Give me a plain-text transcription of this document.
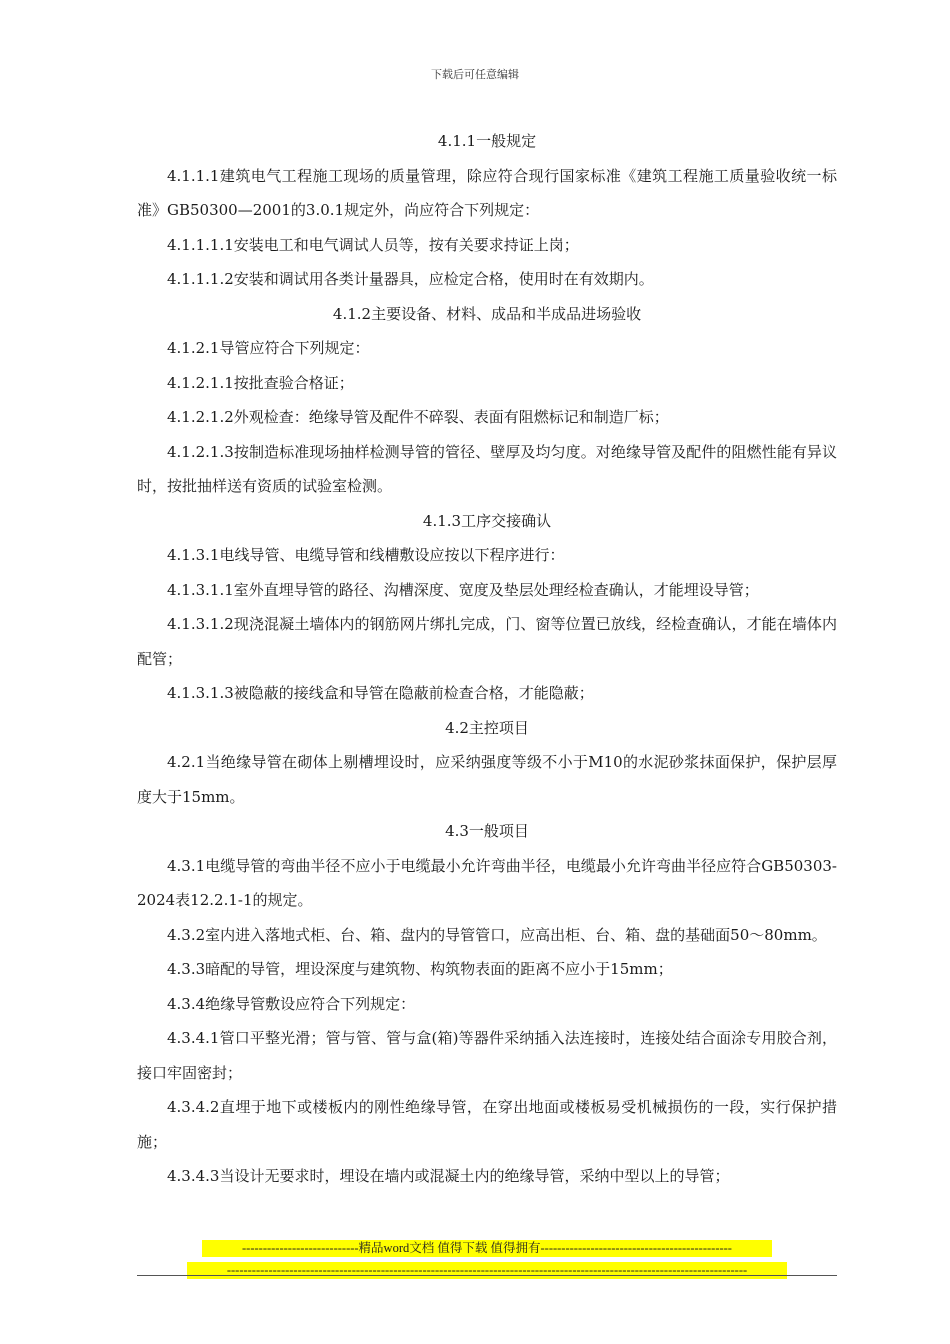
下载后可任意编辑

4.1.1一般规定

4.1.1.1建筑电气工程施工现场的质量管理，除应符合现行国家标准《建筑工程施工质量验收统一标准》GB50300—2001的3.0.1规定外，尚应符合下列规定：

4.1.1.1.1安装电工和电气调试人员等，按有关要求持证上岗；

4.1.1.1.2安装和调试用各类计量器具，应检定合格，使用时在有效期内。

4.1.2主要设备、材料、成品和半成品进场验收

4.1.2.1导管应符合下列规定：

4.1.2.1.1按批查验合格证；

4.1.2.1.2外观检查：绝缘导管及配件不碎裂、表面有阻燃标记和制造厂标；

4.1.2.1.3按制造标准现场抽样检测导管的管径、壁厚及均匀度。对绝缘导管及配件的阻燃性能有异议时，按批抽样送有资质的试验室检测。

4.1.3工序交接确认

4.1.3.1电线导管、电缆导管和线槽敷设应按以下程序进行：

4.1.3.1.1室外直埋导管的路径、沟槽深度、宽度及垫层处理经检查确认，才能埋设导管；

4.1.3.1.2现浇混凝土墙体内的钢筋网片绑扎完成，门、窗等位置已放线，经检查确认，才能在墙体内配管；

4.1.3.1.3被隐蔽的接线盒和导管在隐蔽前检查合格，才能隐蔽；

4.2主控项目

4.2.1当绝缘导管在砌体上剔槽埋设时，应采纳强度等级不小于M10的水泥砂浆抹面保护，保护层厚度大于15mm。

4.3一般项目

4.3.1电缆导管的弯曲半径不应小于电缆最小允许弯曲半径，电缆最小允许弯曲半径应符合GB50303-2024表12.2.1-1的规定。

4.3.2室内进入落地式柜、台、箱、盘内的导管管口，应高出柜、台、箱、盘的基础面50～80mm。

4.3.3暗配的导管，埋设深度与建筑物、构筑物表面的距离不应小于15mm；

4.3.4绝缘导管敷设应符合下列规定：

4.3.4.1管口平整光滑；管与管、管与盒(箱)等器件采纳插入法连接时，连接处结合面涂专用胶合剂，接口牢固密封；

4.3.4.2直埋于地下或楼板内的刚性绝缘导管，在穿出地面或楼板易受机械损伤的一段，实行保护措施；

4.3.4.3当设计无要求时，埋设在墙内或混凝土内的绝缘导管，采纳中型以上的导管；

----------------------------精品word文档 值得下载 值得拥有----------------------------------------------
-----------------------------------------------------------------------------------------------------------------------------
